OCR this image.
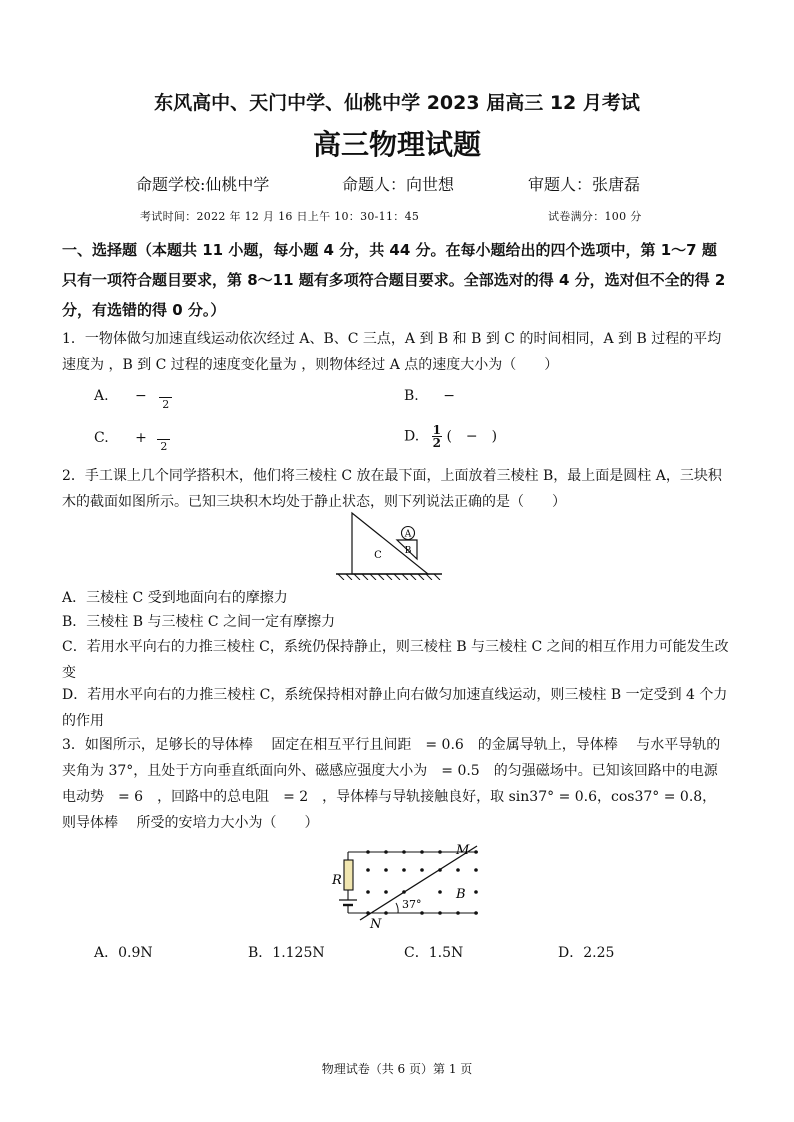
东风高中、天门中学、仙桃中学 2023 届高三 12 月考试
高三物理试题
命题学校:仙桃中学	命题人：向世想	审题人：张唐磊
考试时间：2022 年 12 月 16 日上午 10：30-11：45	试卷满分：100 分
一、选择题（本题共 11 小题，每小题 4 分，共 44 分。在每小题给出的四个选项中，第 1～7 题只有一项符合题目要求，第 8～11 题有多项符合题目要求。全部选对的得 4 分，选对但不全的得 2 分，有选错的得 0 分。）
1．一物体做匀加速直线运动依次经过 A、B、C 三点，A 到 B 和 B 到 C 的时间相同，A 到 B 过程的平均速度为 ，B 到 C 过程的速度变化量为 ，则物体经过 A 点的速度大小为（　　）
A. − 2
B. −
C. + 2
D. $\frac{1}{2}$ (　−　)
2．手工课上几个同学搭积木，他们将三棱柱 C 放在最下面，上面放着三棱柱 B，最上面是圆柱 A，三块积木的截面如图所示。已知三块积木均处于静止状态，则下列说法正确的是（　　）
A
B
C
A．三棱柱 C 受到地面向右的摩擦力
B．三棱柱 B 与三棱柱 C 之间一定有摩擦力
C．若用水平向右的力推三棱柱 C，系统仍保持静止，则三棱柱 B 与三棱柱 C 之间的相互作用力可能发生改变
D．若用水平向右的力推三棱柱 C，系统保持相对静止向右做匀加速直线运动，则三棱柱 B 一定受到 4 个力的作用
3．如图所示，足够长的导体棒　 固定在相互平行且间距　= 0.6　的金属导轨上，导体棒　 与水平导轨的夹角为 37°，且处于方向垂直纸面向外、磁感应强度大小为　= 0.5　的匀强磁场中。已知该回路中的电源电动势　= 6　，回路中的总电阻　= 2　，导体棒与导轨接触良好，取 sin37° = 0.6，cos37° = 0.8，则导体棒　 所受的安培力大小为（　　）
M
N
R
B
37°
A．0.9N	B．1.125N	C．1.5N	D．2.25
物理试卷（共 6 页）第 1 页
